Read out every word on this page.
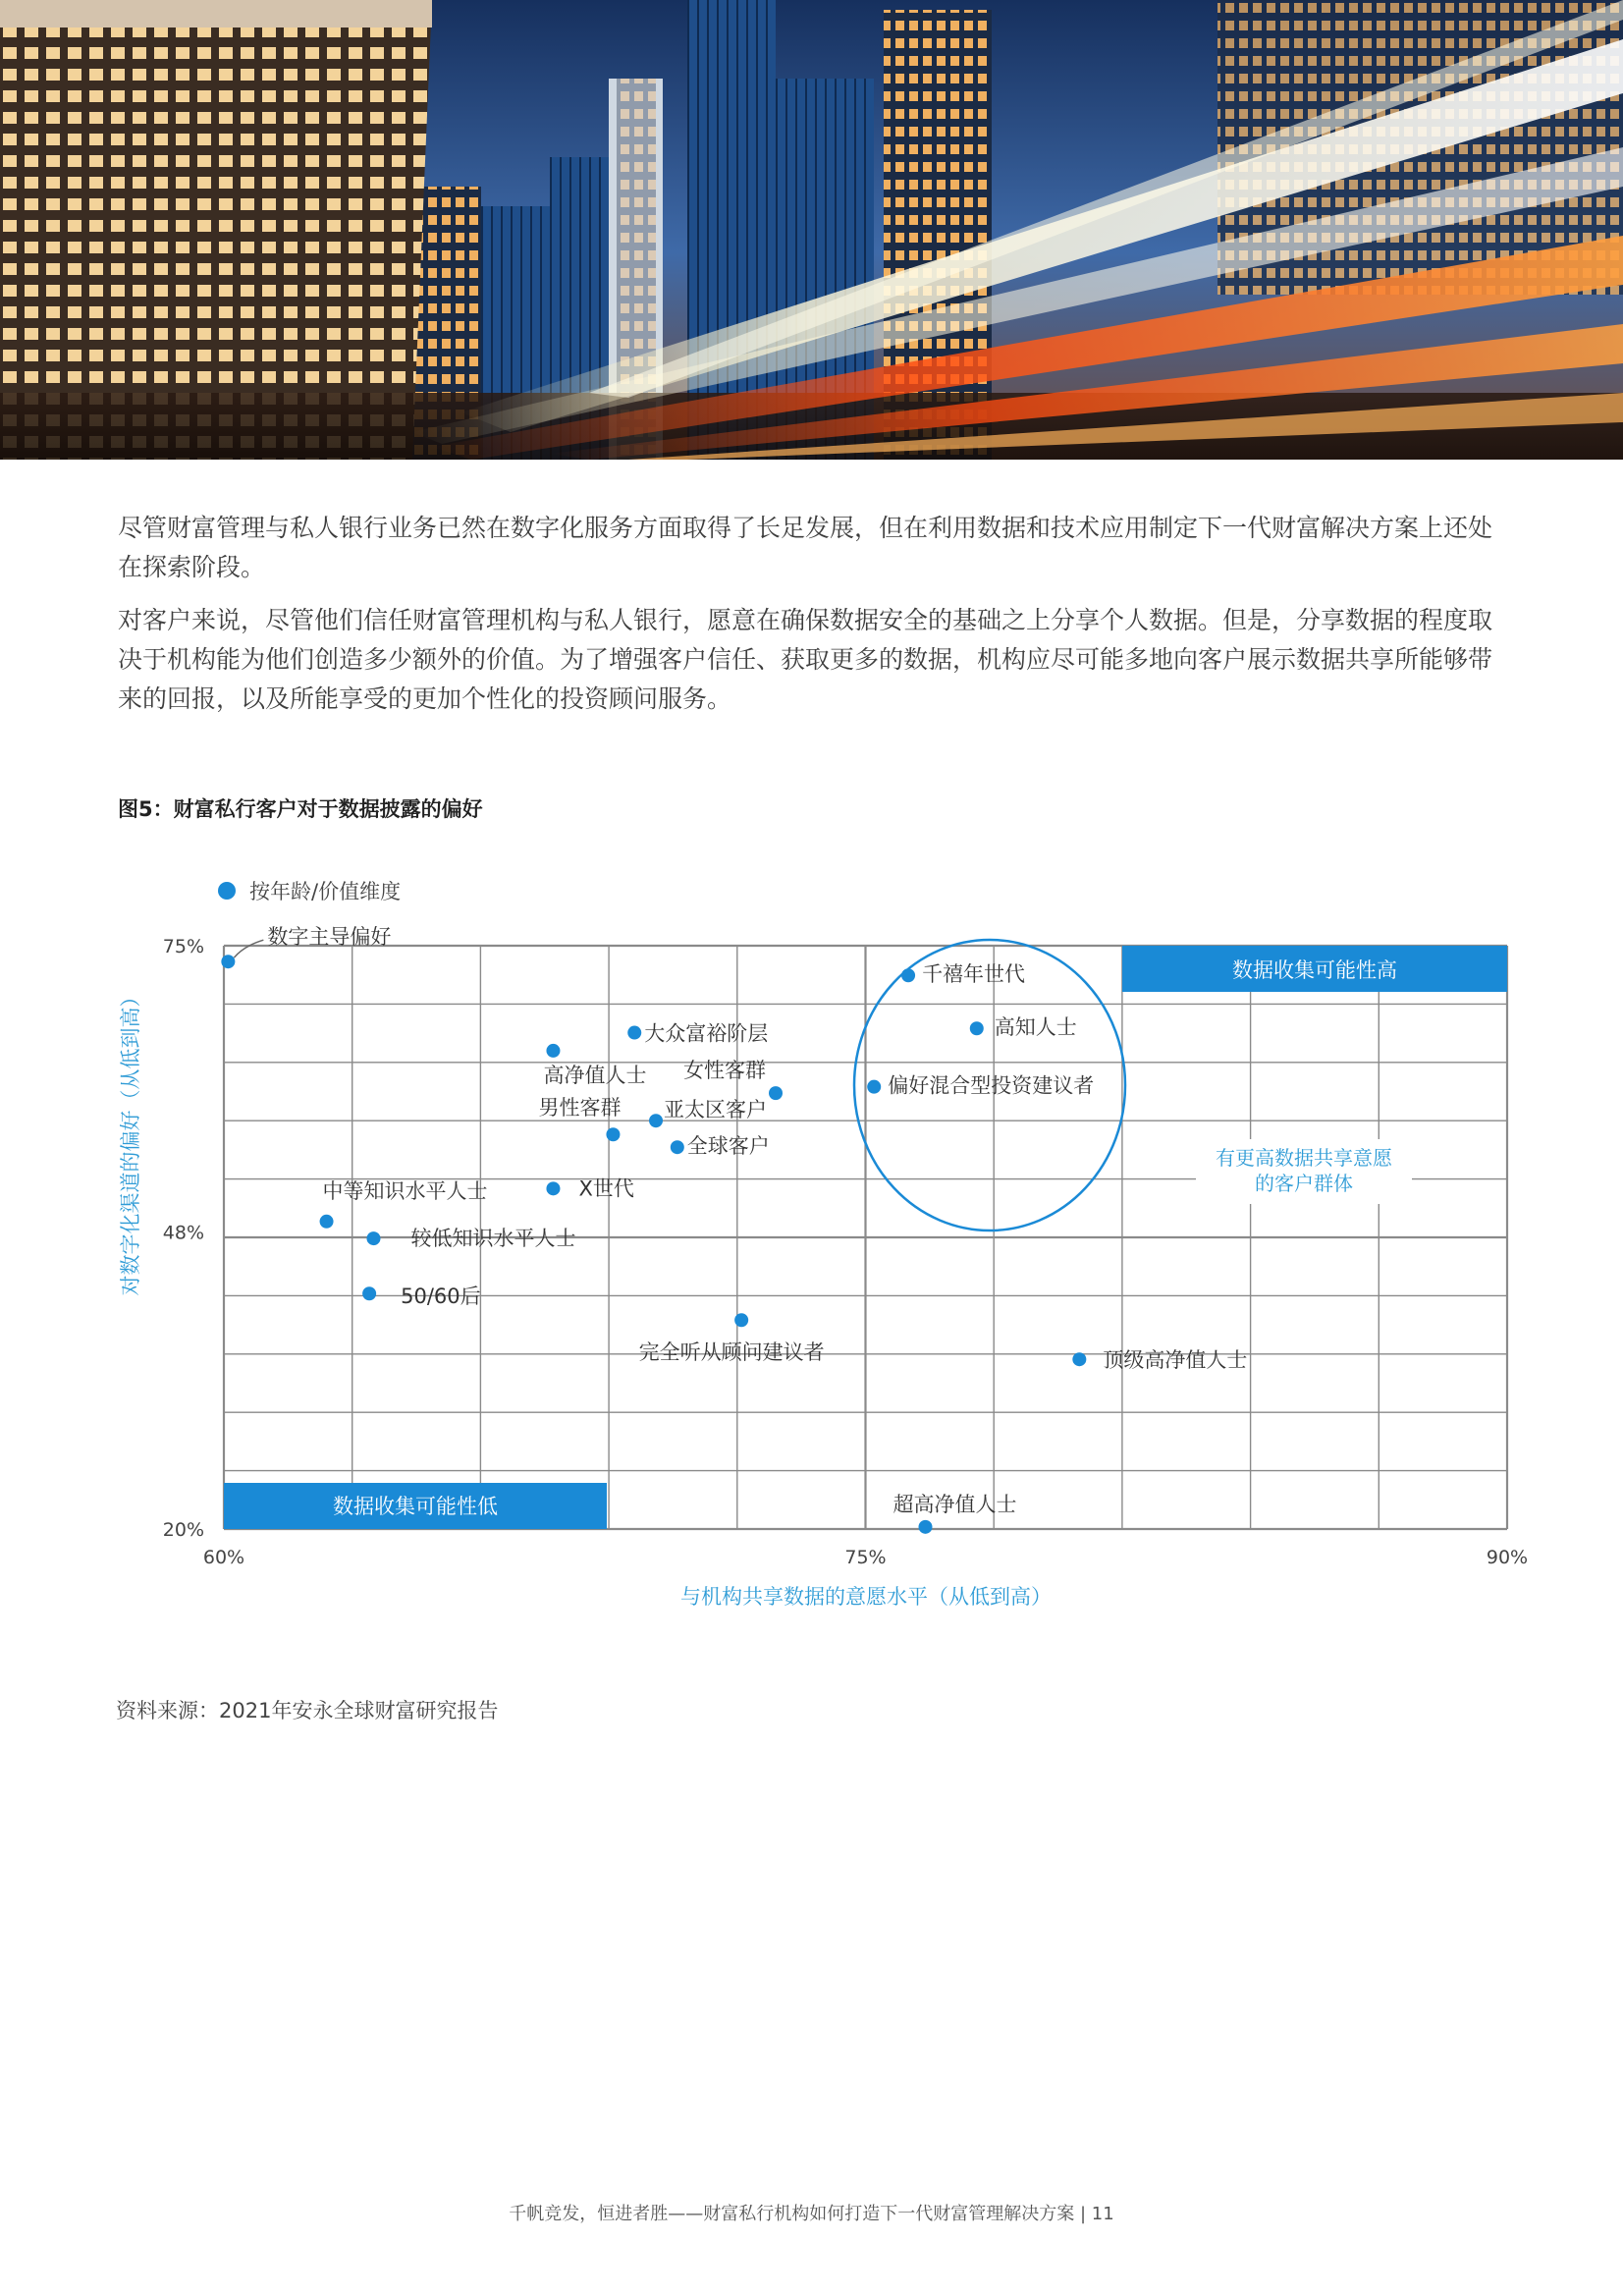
尽管财富管理与私人银行业务已然在数字化服务方面取得了长足发展，但在利用数据和技术应用制定下一代财富解决方案上还处在探索阶段。

对客户来说，尽管他们信任财富管理机构与私人银行，愿意在确保数据安全的基础之上分享个人数据。但是，分享数据的程度取决于机构能为他们创造多少额外的价值。为了增强客户信任、获取更多的数据，机构应尽可能多地向客户展示数据共享所能够带来的回报，以及所能享受的更加个性化的投资顾问服务。

图5：财富私行客户对于数据披露的偏好
按年龄/价值维度
数据收集可能性高
数据收集可能性低
有更高数据共享意愿
的客户群体
与机构共享数据的意愿水平（从低到高）
对数字化渠道的偏好（从低到高）
60%	75%	90%
20%
48%
75%	数字主导偏好
千禧年世代
高知人士
大众富裕阶层
高净值人士	偏好混合型投资建议者
女性客群
亚太区客户
男性客群
全球客户
X世代
中等知识水平人士
较低知识水平人士
50/60后
完全听从顾问建议者	顶级高净值人士
超高净值人士
资料来源：2021年安永全球财富研究报告
千帆竞发，恒进者胜——财富私行机构如何打造下一代财富管理解决方案 | 11
